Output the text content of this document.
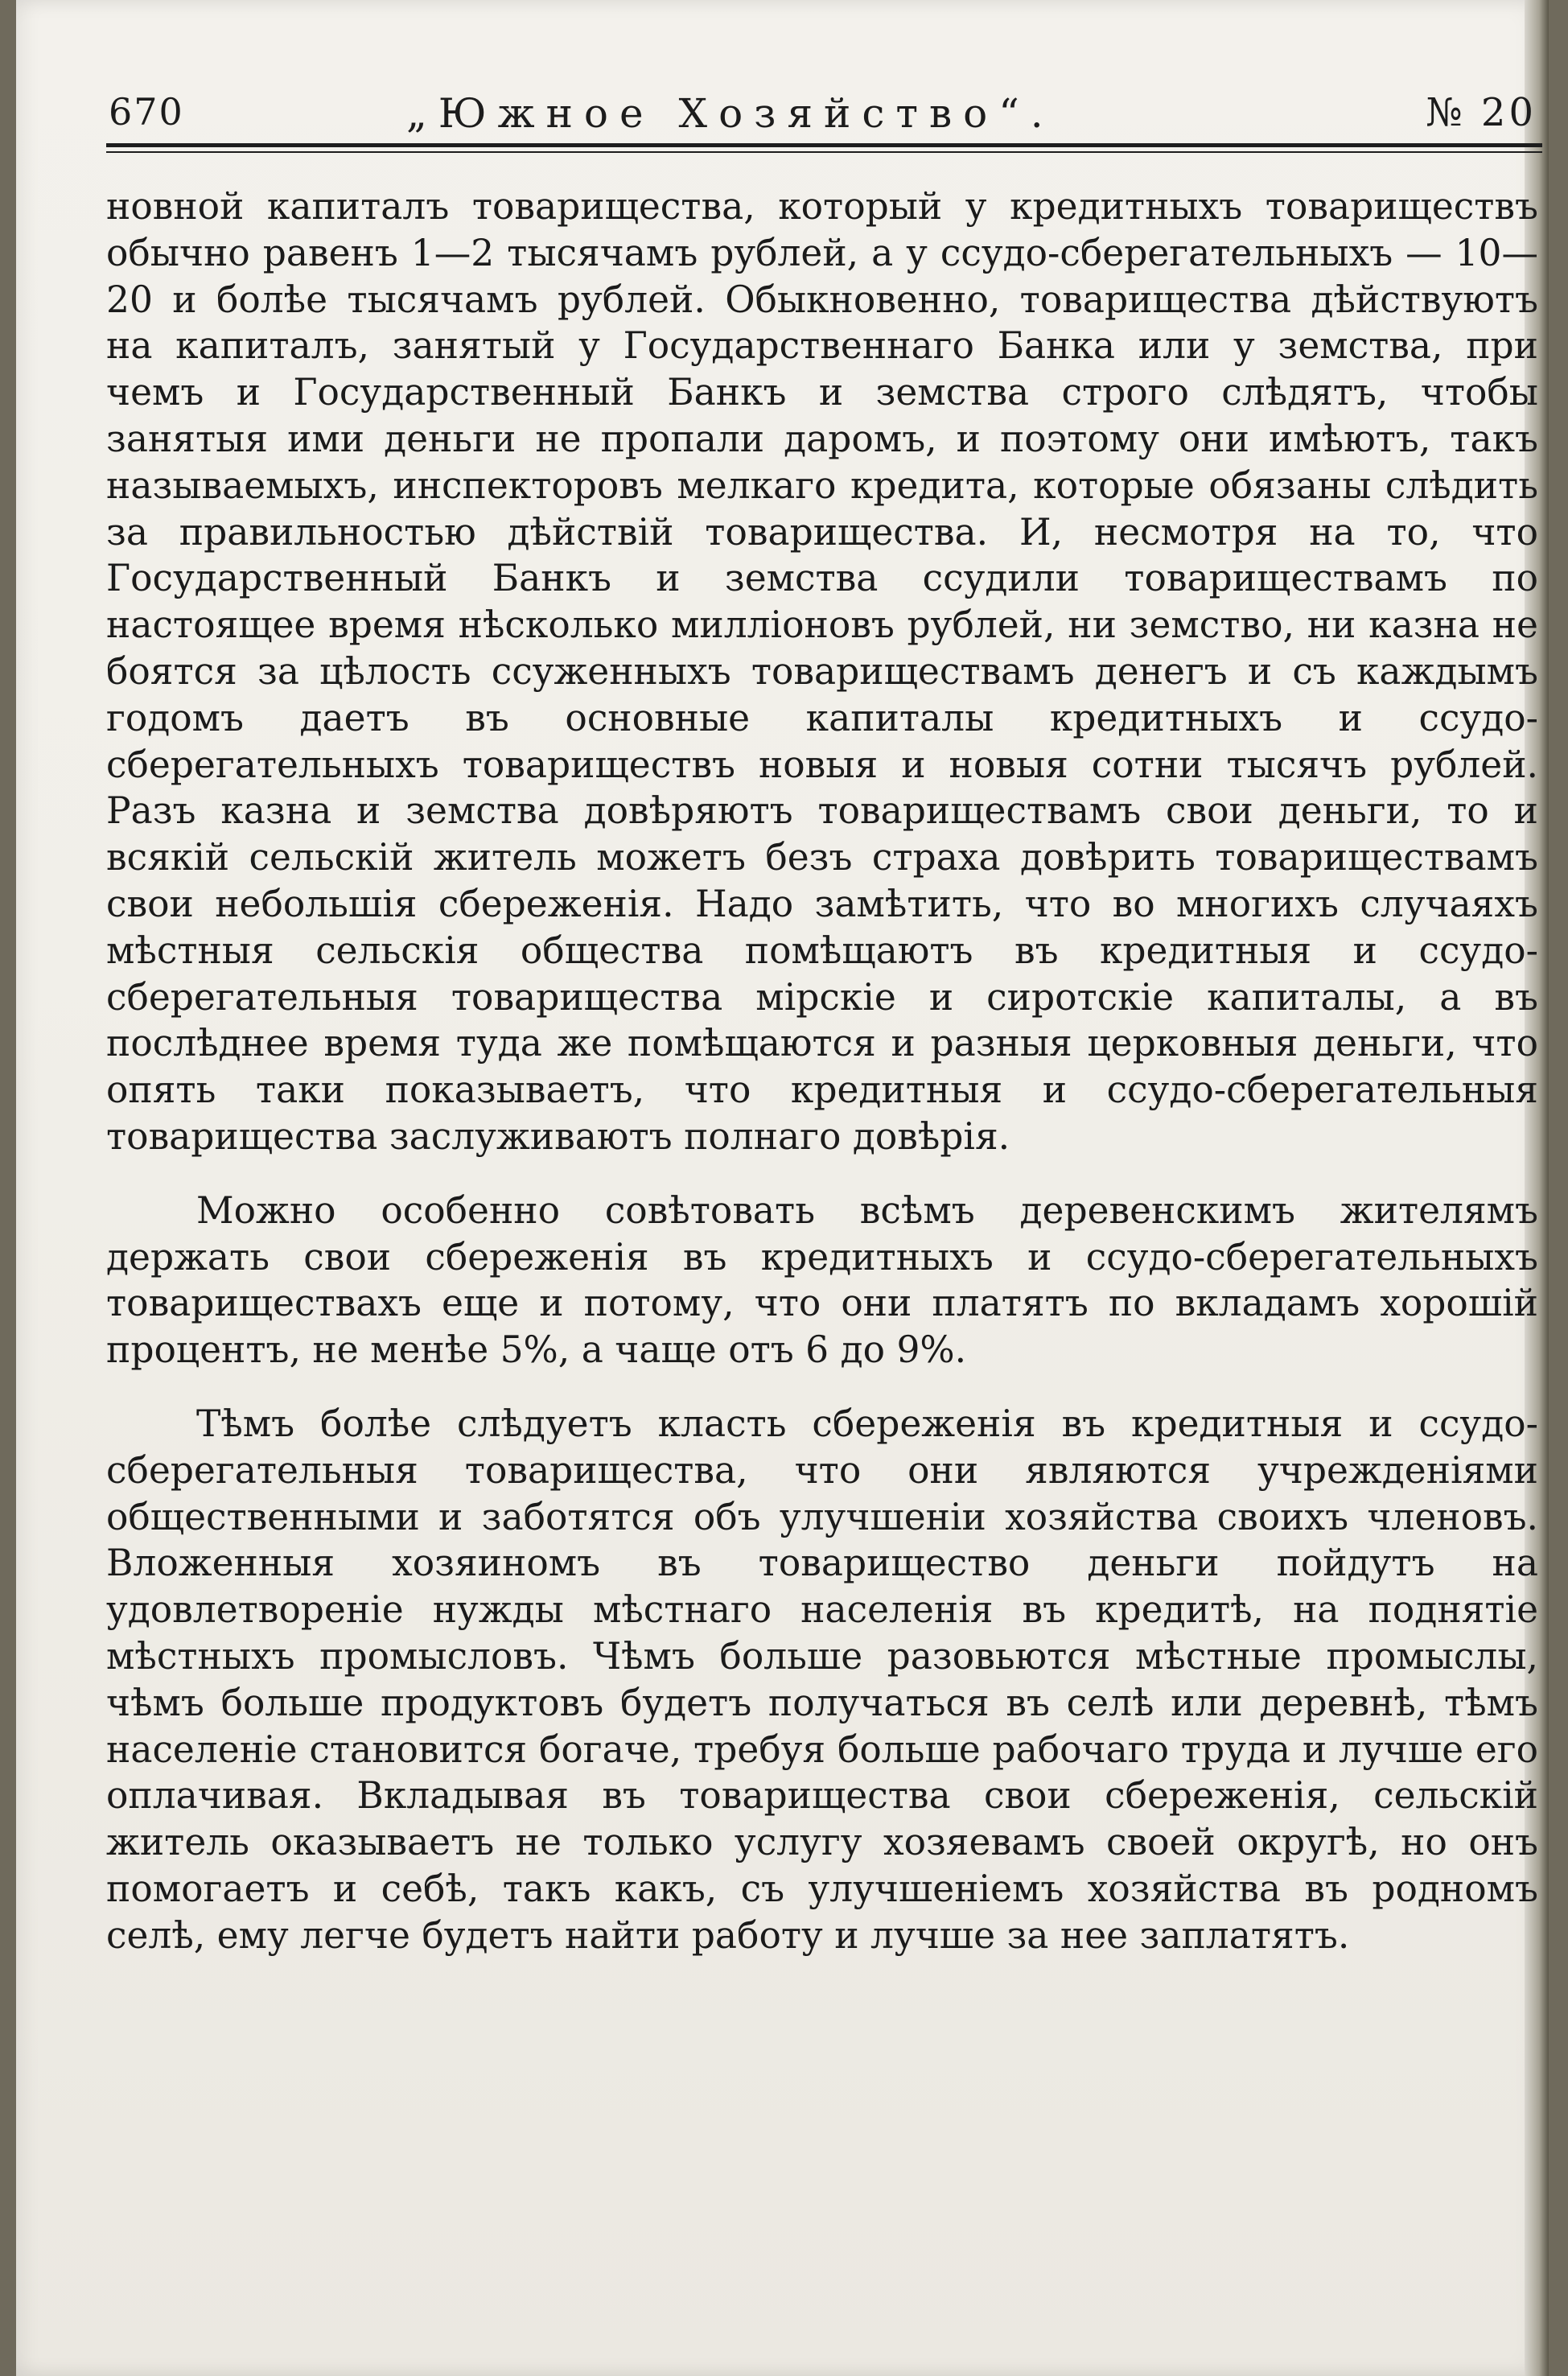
670	„Южное Хозяйство“.	№ 20

новной капиталъ товарищества, который у кредитныхъ товариществъ обычно равенъ 1—2 тысячамъ рублей, а у ссудо-сберегательныхъ — 10—20 и болѣе тысячамъ рублей. Обыкновенно, товарищества дѣйствуютъ на капиталъ, занятый у Государственнаго Банка или у земства, при чемъ и Государственный Банкъ и земства строго слѣдятъ, чтобы занятыя ими деньги не пропали даромъ, и поэтому они имѣютъ, такъ называемыхъ, инспекторовъ мелкаго кредита, которые обязаны слѣдить за правильностью дѣйствій товарищества. И, несмотря на то, что Государственный Банкъ и земства ссудили товариществамъ по настоящее время нѣсколько милліоновъ рублей, ни земство, ни казна не боятся за цѣлость ссуженныхъ товариществамъ денегъ и съ каждымъ годомъ даетъ въ основные капиталы кредитныхъ и ссудо-сберегательныхъ товариществъ новыя и новыя сотни тысячъ рублей. Разъ казна и земства довѣряютъ товариществамъ свои деньги, то и всякій сельскій житель можетъ безъ страха довѣрить товариществамъ свои небольшія сбереженія. Надо замѣтить, что во многихъ случаяхъ мѣстныя сельскія общества помѣщаютъ въ кредитныя и ссудо-сберегательныя товарищества мірскіе и сиротскіе капиталы, а въ послѣднее время туда же помѣщаются и разныя церковныя деньги, что опять таки показываетъ, что кредитныя и ссудо-сберегательныя товарищества заслуживаютъ полнаго довѣрія.

Можно особенно совѣтовать всѣмъ деревенскимъ жителямъ держать свои сбереженія въ кредитныхъ и ссудо-сберегательныхъ товариществахъ еще и потому, что они платятъ по вкладамъ хорошій процентъ, не менѣе 5%, а чаще отъ 6 до 9%.

Тѣмъ болѣе слѣдуетъ класть сбереженія въ кредитныя и ссудо-сберегательныя товарищества, что они являются учрежденіями общественными и заботятся объ улучшеніи хозяйства своихъ членовъ. Вложенныя хозяиномъ въ товарищество деньги пойдутъ на удовлетвореніе нужды мѣстнаго населенія въ кредитѣ, на поднятіе мѣстныхъ промысловъ. Чѣмъ больше разовьются мѣстные промыслы, чѣмъ больше продуктовъ будетъ получаться въ селѣ или деревнѣ, тѣмъ населеніе становится богаче, требуя больше рабочаго труда и лучше его оплачивая. Вкладывая въ товарищества свои сбереженія, сельскій житель оказываетъ не только услугу хозяевамъ своей округѣ, но онъ помогаетъ и себѣ, такъ какъ, съ улучшеніемъ хозяйства въ родномъ селѣ, ему легче будетъ найти работу и лучше за нее заплатятъ.
